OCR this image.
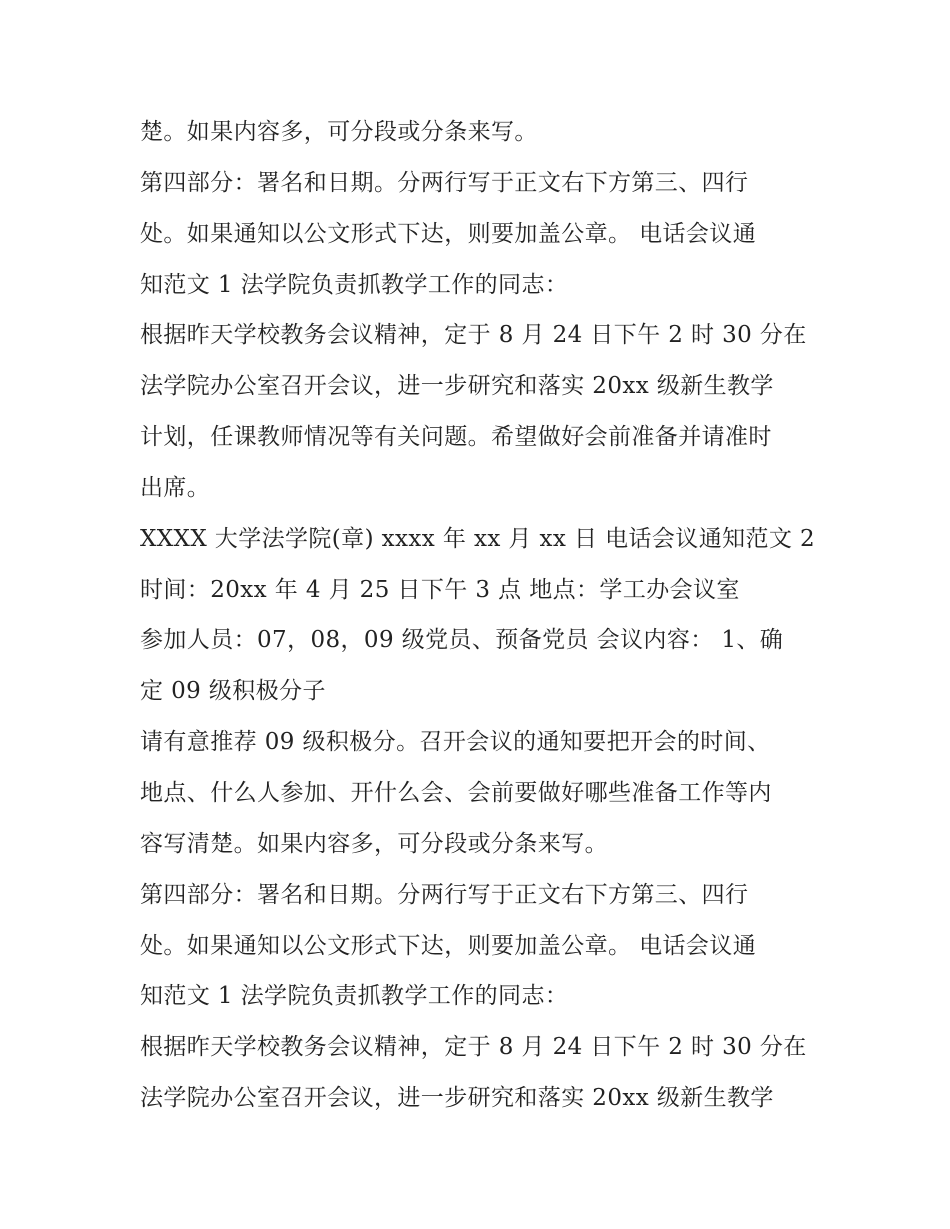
楚。如果内容多，可分段或分条来写。
第四部分：署名和日期。分两行写于正文右下方第三、四行
处。如果通知以公文形式下达，则要加盖公章。 电话会议通
知范文 1 法学院负责抓教学工作的同志：
根据昨天学校教务会议精神，定于 8 月 24 日下午 2 时 30 分在
法学院办公室召开会议，进一步研究和落实 20xx 级新生教学
计划，任课教师情况等有关问题。希望做好会前准备并请准时
出席。
XXXX 大学法学院(章) xxxx 年 xx 月 xx 日 电话会议通知范文 2
时间：20xx 年 4 月 25 日下午 3 点 地点：学工办会议室
参加人员：07，08，09 级党员、预备党员 会议内容： 1、确
定 09 级积极分子
请有意推荐 09 级积极分。召开会议的通知要把开会的时间、
地点、什么人参加、开什么会、会前要做好哪些准备工作等内
容写清楚。如果内容多，可分段或分条来写。
第四部分：署名和日期。分两行写于正文右下方第三、四行
处。如果通知以公文形式下达，则要加盖公章。 电话会议通
知范文 1 法学院负责抓教学工作的同志：
根据昨天学校教务会议精神，定于 8 月 24 日下午 2 时 30 分在
法学院办公室召开会议，进一步研究和落实 20xx 级新生教学
